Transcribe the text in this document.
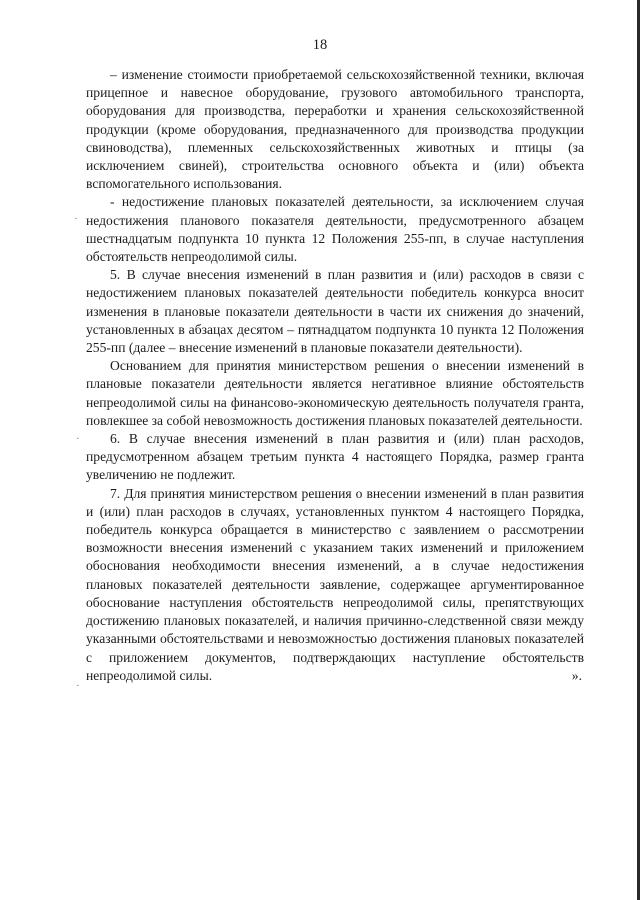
·
·
·
18

– изменение стоимости приобретаемой сельскохозяйственной техники, включая прицепное и навесное оборудование, грузового автомобильного транспорта, оборудования для производства, переработки и хранения сельскохозяйственной продукции (кроме оборудования, предназначенного для производства продукции свиноводства), племенных сельскохозяйственных животных и птицы (за исключением свиней), строительства основного объекта и (или) объекта вспомогательного использования.

- недостижение плановых показателей деятельности, за исключением случая недостижения планового показателя деятельности, предусмотренного абзацем шестнадцатым подпункта 10 пункта 12 Положения 255-пп, в случае наступления обстоятельств непреодолимой силы.

5. В случае внесения изменений в план развития и (или) расходов в связи с недостижением плановых показателей деятельности победитель конкурса вносит изменения в плановые показатели деятельности в части их снижения до значений, установленных в абзацах десятом – пятнадцатом подпункта 10 пункта 12 Положения 255-пп (далее – внесение изменений в плановые показатели деятельности).

Основанием для принятия министерством решения о внесении изменений в плановые показатели деятельности является негативное влияние обстоятельств непреодолимой силы на финансово-экономическую деятельность получателя гранта, повлекшее за собой невозможность достижения плановых показателей деятельности.

6. В случае внесения изменений в план развития и (или) план расходов, предусмотренном абзацем третьим пункта 4 настоящего Порядка, размер гранта увеличению не подлежит.

7. Для принятия министерством решения о внесении изменений в план развития и (или) план расходов в случаях, установленных пунктом 4 настоящего Порядка, победитель конкурса обращается в министерство с заявлением о рассмотрении возможности внесения изменений с указанием таких изменений и приложением обоснования необходимости внесения изменений, а в случае недостижения плановых показателей деятельности заявление, содержащее аргументированное обоснование наступления обстоятельств непреодолимой силы, препятствующих достижению плановых показателей, и наличия причинно-следственной связи между указанными обстоятельствами и невозможностью достижения плановых показателей с приложением документов, подтверждающих наступление обстоятельств непреодолимой силы.	».
